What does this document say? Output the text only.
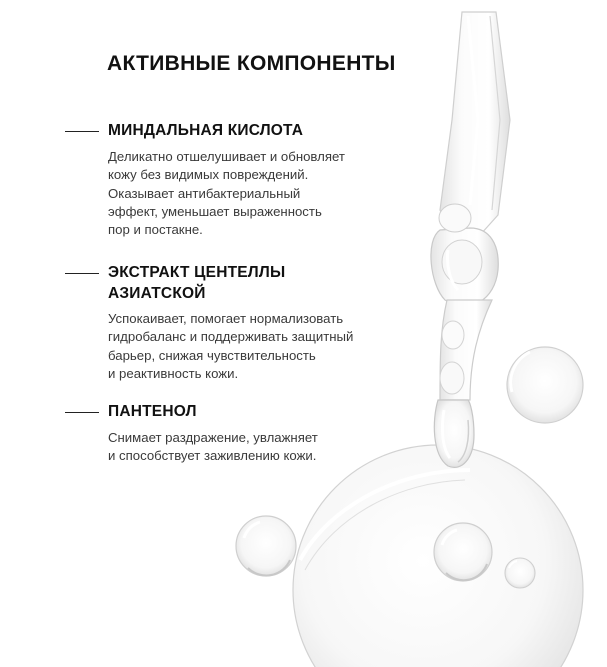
АКТИВНЫЕ КОМПОНЕНТЫ
МИНДАЛЬНАЯ КИСЛОТА
Деликатно отшелушивает и обновляет
кожу без видимых повреждений.
Оказывает антибактериальный
эффект, уменьшает выраженность
пор и постакне.
ЭКСТРАКТ ЦЕНТЕЛЛЫ
АЗИАТСКОЙ
Успокаивает, помогает нормализовать
гидробаланс и поддерживать защитный
барьер, снижая чувствительность
и реактивность кожи.
ПАНТЕНОЛ
Снимает раздражение, увлажняет
и способствует заживлению кожи.
